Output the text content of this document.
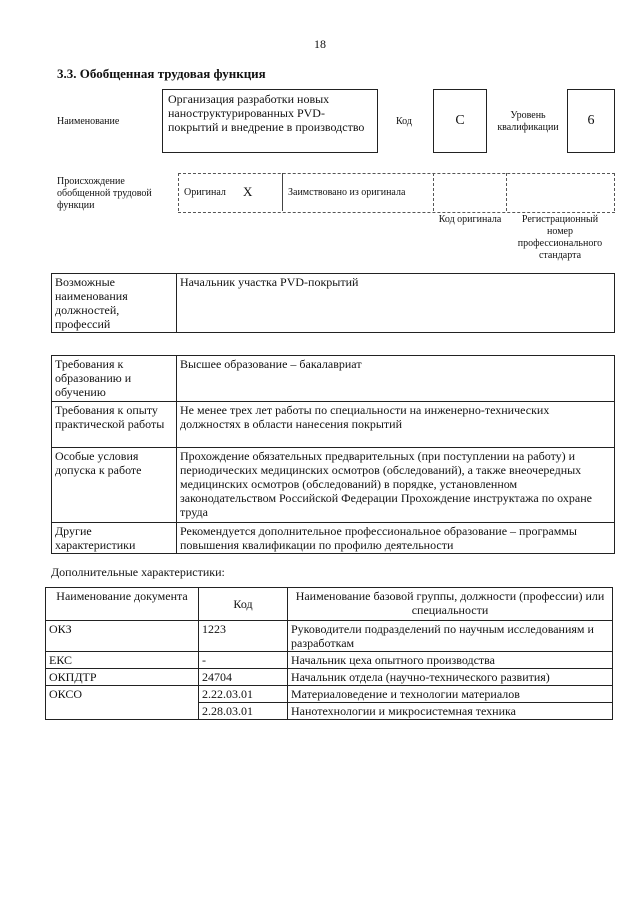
18
3.3. Обобщенная трудовая функция
Наименование
Организация разработки новых наноструктурированных PVD-покрытий и внедрение в производство	Код	C	Уровень квалификации	6
Происхождение обобщенной трудовой функции
Оригинал X	Заимствовано из оригинала
Код оригинала	Регистрационный номер профессионального стандарта
Возможные наименования должностей, профессий	Начальник участка PVD-покрытий
Требования к образованию и обучению	Высшее образование – бакалавриат
Требования к опыту практической работы	Не менее трех лет работы по специальности на инженерно-технических должностях в области нанесения покрытий
Особые условия допуска к работе	Прохождение обязательных предварительных (при поступлении на работу) и периодических медицинских осмотров (обследований), а также внеочередных медицинских осмотров (обследований) в порядке, установленном законодательством Российской Федерации Прохождение инструктажа по охране труда
Другие характеристики	Рекомендуется дополнительное профессиональное образование – программы повышения квалификации по профилю деятельности
Дополнительные характеристики:
Наименование документа	Код	Наименование базовой группы, должности (профессии) или специальности
ОКЗ	1223	Руководители подразделений по научным исследованиям и разработкам
ЕКС	-	Начальник цеха опытного производства
ОКПДТР	24704	Начальник отдела (научно-технического развития)
ОКСО	2.22.03.01	Материаловедение и технологии материалов
	2.28.03.01	Нанотехнологии и микросистемная техника
